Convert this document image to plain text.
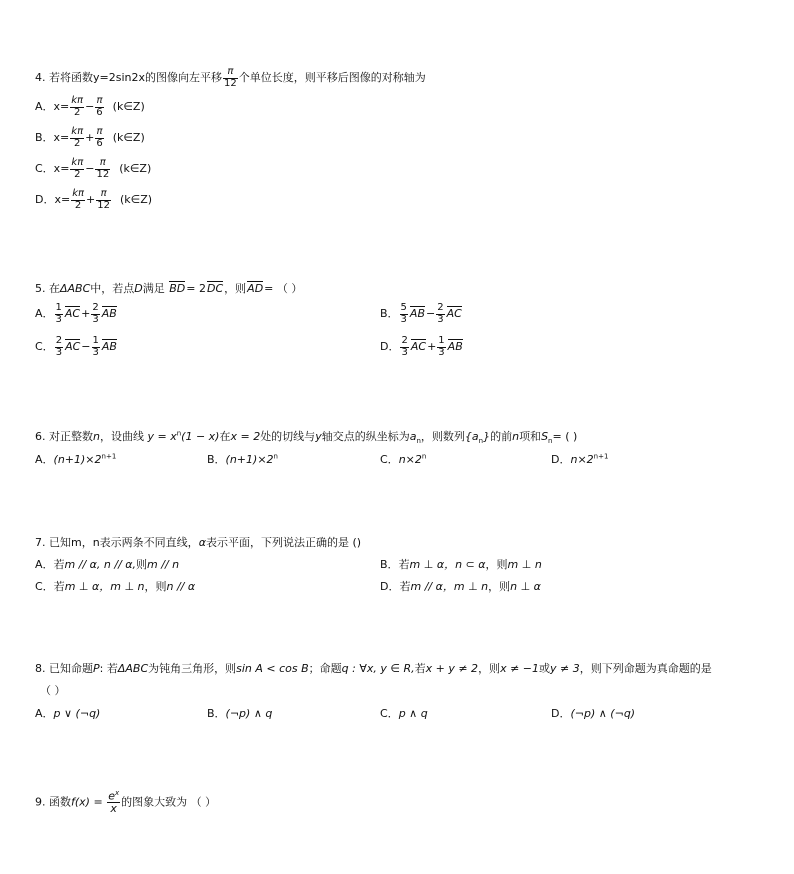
4. 若将函数y=2sin2x的图像向左平移 $\frac{\pi}{12}$ 个单位长度，则平移后图像的对称轴为
A．$x= \frac{k\pi}{2} - \frac{\pi}{6}$ (k∈Z)
B．$x= \frac{k\pi}{2} + \frac{\pi}{6}$ (k∈Z)
C．$x= \frac{k\pi}{2} - \frac{\pi}{12}$ (k∈Z)
D．$x= \frac{k\pi}{2} + \frac{\pi}{12}$ (k∈Z)
5. 在ΔABC中，若点D满足 BD= 2DC，则AD= （ ）
A． $\frac{1}{3} AC+ \frac{2}{3}$ AB	B． $\frac{5}{3} AB- \frac{2}{3}$ AC
C． $\frac{2}{3} AC- \frac{1}{3}$ AB	D． $\frac{2}{3} AC+ \frac{1}{3}$ AB
6. 对正整数n，设曲线 $y = x^n(1 - x)$在x = 2处的切线与y轴交点的纵坐标为$a_n$，则数列$\{a_n\}$的前n项和$S_n=$ ( )
A．$(n+1)\times 2^{n+1}$	B．$(n+1)\times 2^n$	C．$n\times 2^n$	D．$n\times 2^{n+1}$
7. 已知m，n表示两条不同直线，α表示平面，下列说法正确的是 ()
A．若m // α, n // α,则m // n	B．若m ⊥ α，n ⊂ α，则m ⊥ n
C．若m ⊥ α，m ⊥ n，则n // α	D．若m // α，m ⊥ n，则n ⊥ α
8. 已知命题P: 若ΔABC为钝角三角形，则sin A < cos B；命题q : ∀x, y ∈ R,若x + y ≠ 2，则x ≠ −1或y ≠ 3，则下列命题为真命题的是
（ ）
A．p ∨ (¬q)	B．(¬p) ∧ q	C．p ∧ q	D．(¬p) ∧ (¬q)
9. 函数$f(x) = \frac{e^x}{x}$ 的图象大致为 （ ）
